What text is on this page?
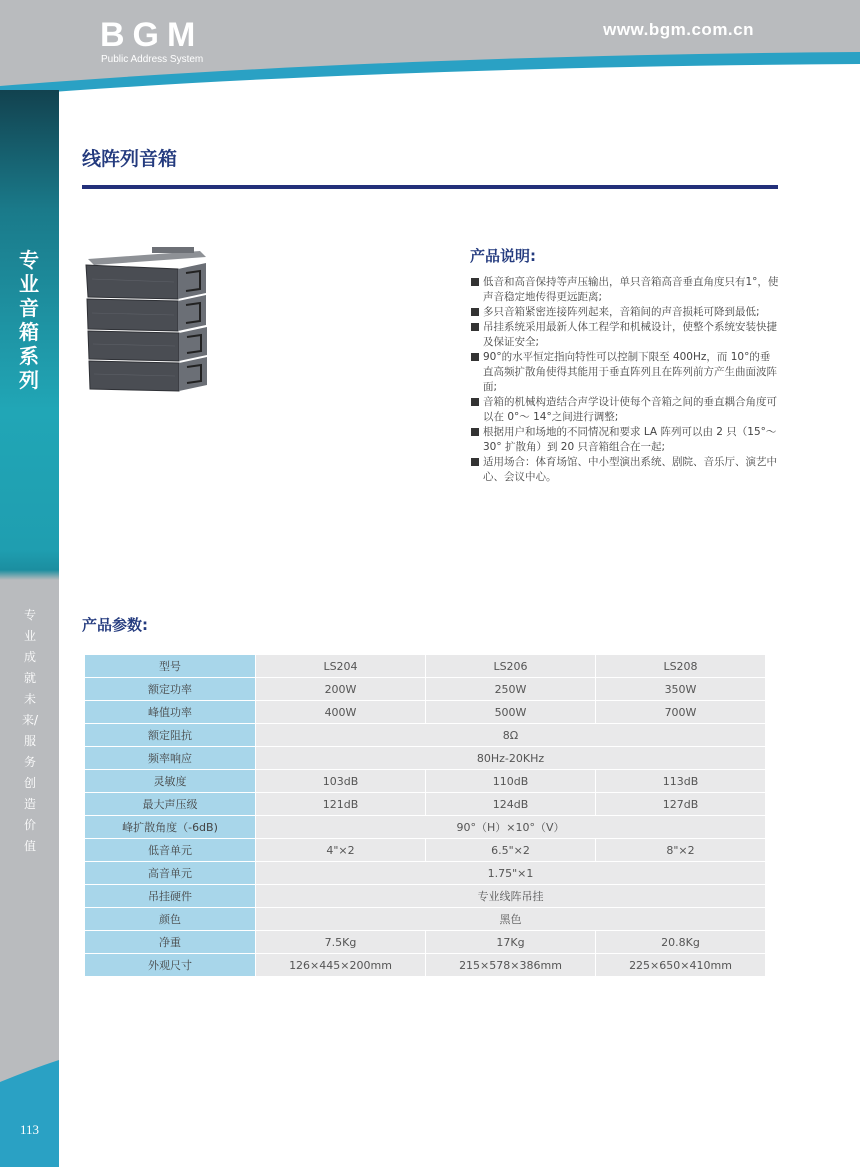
BGM
Public Address System
www.bgm.com.cn
专业音箱系列
专业成就未来/服务创造价值
113
线阵列音箱
产品说明:
低音和高音保持等声压输出，单只音箱高音垂直角度只有1°，使声音稳定地传得更远距离;
多只音箱紧密连接阵列起来，音箱间的声音损耗可降到最低;
吊挂系统采用最新人体工程学和机械设计，使整个系统安装快捷及保证安全;
90°的水平恒定指向特性可以控制下限至 400Hz，而 10°的垂直高频扩散角使得其能用于垂直阵列且在阵列前方产生曲面波阵面;
音箱的机械构造结合声学设计使每个音箱之间的垂直耦合角度可以在 0°～ 14°之间进行调整;
根据用户和场地的不同情况和要求 LA 阵列可以由 2 只（15°～ 30° 扩散角）到 20 只音箱组合在一起;
适用场合：体育场馆、中小型演出系统、剧院、音乐厅、演艺中心、会议中心。
产品参数:
型号	LS204	LS206	LS208
额定功率	200W	250W	350W
峰值功率	400W	500W	700W
额定阻抗	8Ω		
频率响应	80Hz-20KHz		
灵敏度	103dB	110dB	113dB
最大声压级	121dB	124dB	127dB
峰扩散角度（-6dB)	90°（H）×10°（V）		
低音单元	4"×2	6.5"×2	8"×2
高音单元	1.75"×1		
吊挂硬件	专业线阵吊挂		
颜色	黑色		
净重	7.5Kg	17Kg	20.8Kg
外观尺寸	126×445×200mm	215×578×386mm	225×650×410mm
